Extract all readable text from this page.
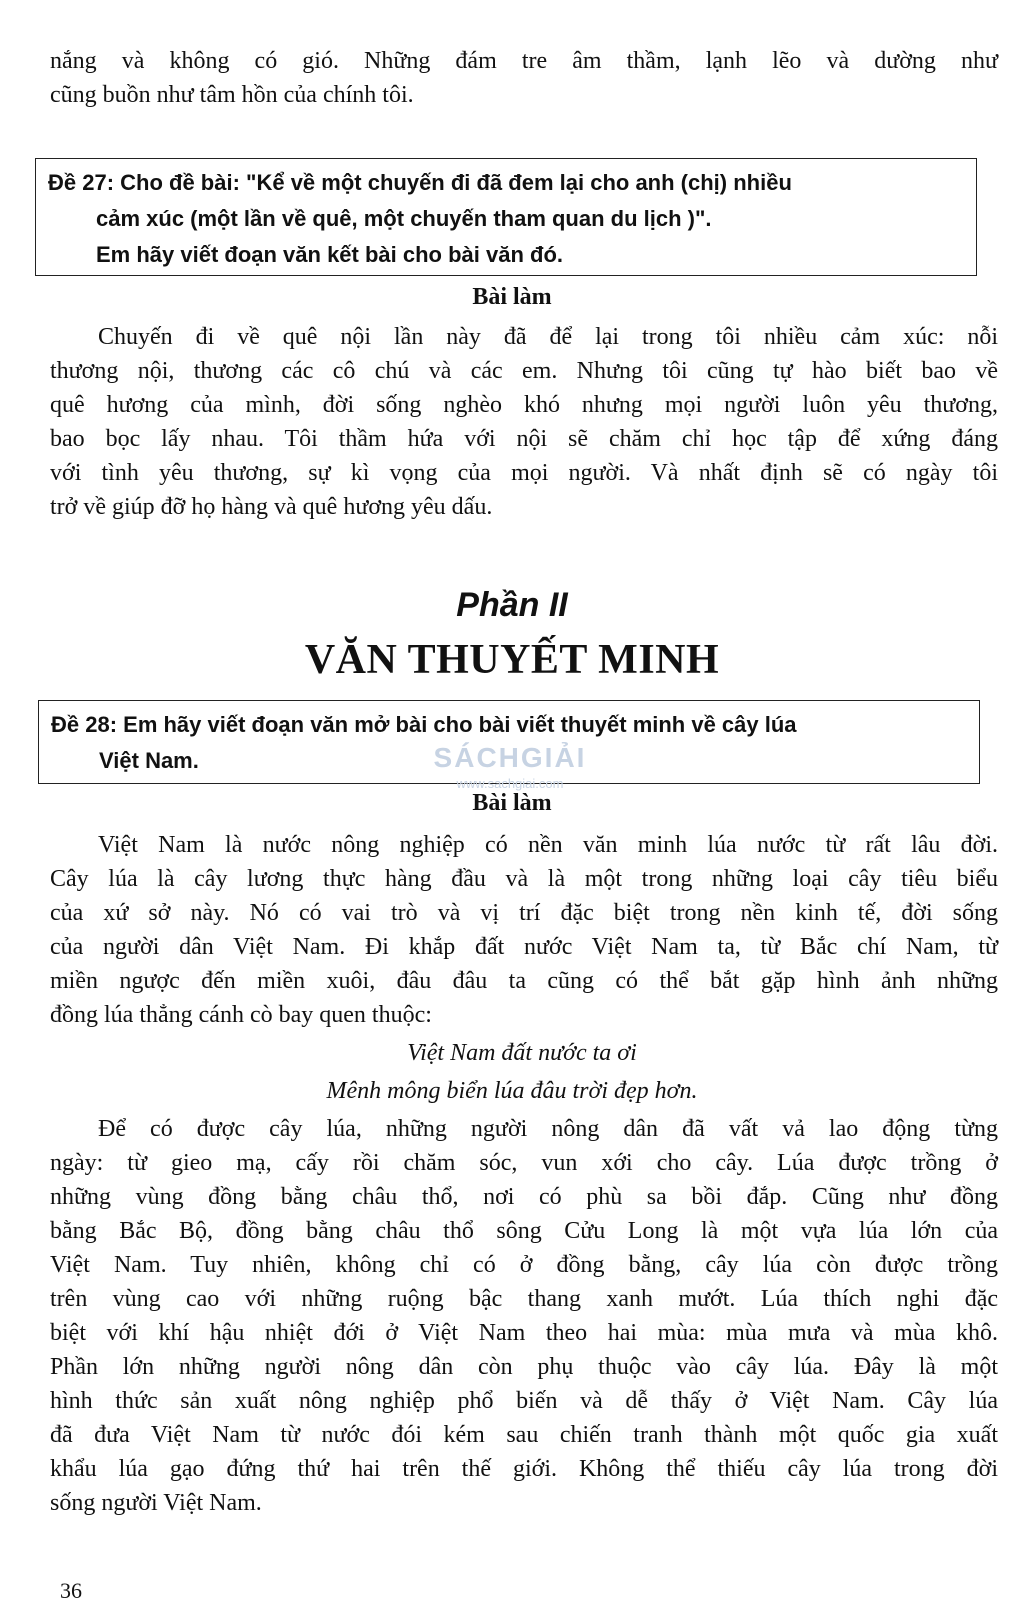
nắng và không có gió. Những đám tre âm thầm, lạnh lẽo và dường như
cũng buồn như tâm hồn của chính tôi.
Đề 27: Cho đề bài: "Kể về một chuyến đi đã đem lại cho anh (chị) nhiều
cảm xúc (một lần về quê, một chuyến tham quan du lịch )".
Em hãy viết đoạn văn kết bài cho bài văn đó.
Bài làm
Chuyến đi về quê nội lần này đã để lại trong tôi nhiều cảm xúc: nỗi
thương nội, thương các cô chú và các em. Nhưng tôi cũng tự hào biết bao về
quê hương của mình, đời sống nghèo khó nhưng mọi người luôn yêu thương,
bao bọc lấy nhau. Tôi thầm hứa với nội sẽ chăm chỉ học tập để xứng đáng
với tình yêu thương, sự kì vọng của mọi người. Và nhất định sẽ có ngày tôi
trở về giúp đỡ họ hàng và quê hương yêu dấu.
Phần II
VĂN THUYẾT MINH
Đề 28: Em hãy viết đoạn văn mở bài cho bài viết thuyết minh về cây lúa
Việt Nam.	SÁCHGIẢI
www.sachgiai.com
Bài làm
Việt Nam là nước nông nghiệp có nền văn minh lúa nước từ rất lâu đời.
Cây lúa là cây lương thực hàng đầu và là một trong những loại cây tiêu biểu
của xứ sở này. Nó có vai trò và vị trí đặc biệt trong nền kinh tế, đời sống
của người dân Việt Nam. Đi khắp đất nước Việt Nam ta, từ Bắc chí Nam, từ
miền ngược đến miền xuôi, đâu đâu ta cũng có thể bắt gặp hình ảnh những
đồng lúa thẳng cánh cò bay quen thuộc:
Việt Nam đất nước ta ơi
Mênh mông biển lúa đâu trời đẹp hơn.
Để có được cây lúa, những người nông dân đã vất vả lao động từng
ngày: từ gieo mạ, cấy rồi chăm sóc, vun xới cho cây. Lúa được trồng ở
những vùng đồng bằng châu thổ, nơi có phù sa bồi đắp. Cũng như đồng
bằng Bắc Bộ, đồng bằng châu thổ sông Cửu Long là một vựa lúa lớn của
Việt Nam. Tuy nhiên, không chỉ có ở đồng bằng, cây lúa còn được trồng
trên vùng cao với những ruộng bậc thang xanh mướt. Lúa thích nghi đặc
biệt với khí hậu nhiệt đới ở Việt Nam theo hai mùa: mùa mưa và mùa khô.
Phần lớn những người nông dân còn phụ thuộc vào cây lúa. Đây là một
hình thức sản xuất nông nghiệp phổ biến và dễ thấy ở Việt Nam. Cây lúa
đã đưa Việt Nam từ nước đói kém sau chiến tranh thành một quốc gia xuất
khẩu lúa gạo đứng thứ hai trên thế giới. Không thể thiếu cây lúa trong đời
sống người Việt Nam.
36
